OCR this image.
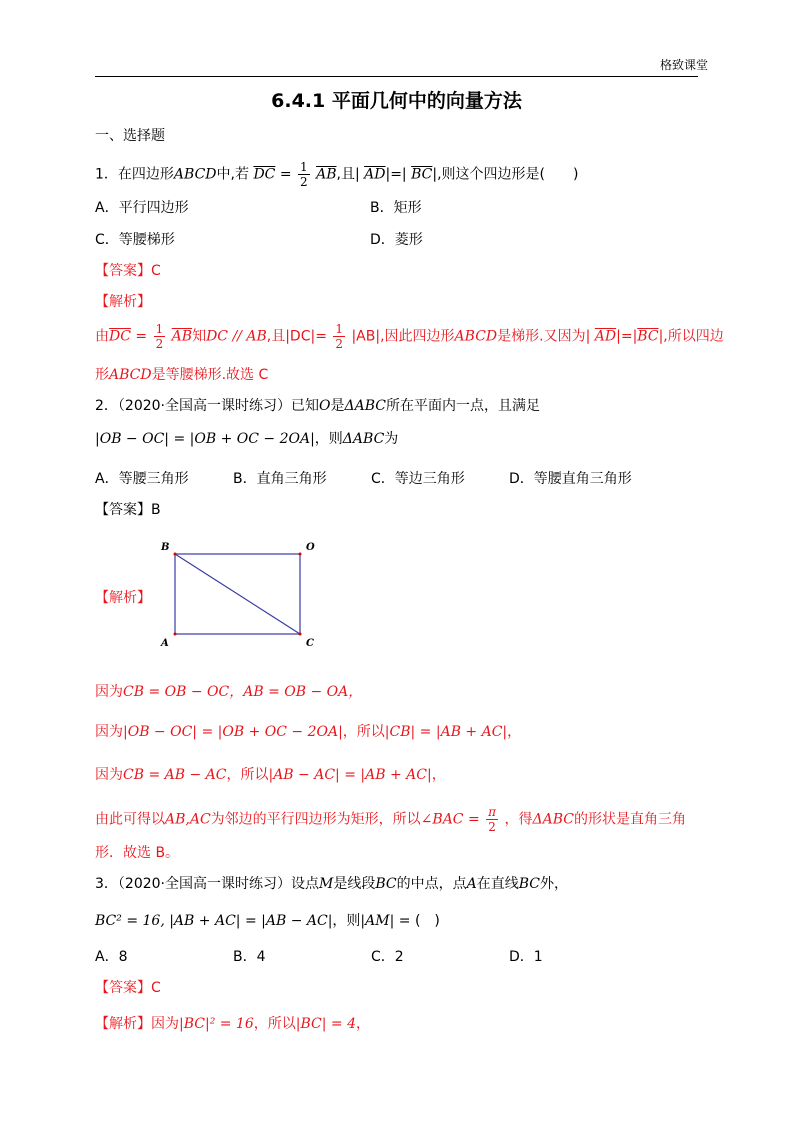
格致课堂
6.4.1 平面几何中的向量方法
一、选择题
1．在四边形ABCD中,若 $\overline{DC} = \frac{1}{2} \overline{AB}$,且| $\overline{AD}|=|$ $\overline{BC}|$,则这个四边形是(　　)
A．平行四边形	B．矩形
C．等腰梯形	D．菱形
【答案】C
【解析】
由$\overline{DC} = \frac{1}{2} \overline{AB}$知DC // AB,且$|DC|= \frac{1}{2} |AB|$,因此四边形ABCD是梯形.又因为| $\overline{AD}|=|\overline{BC}|$,所以四边
形ABCD是等腰梯形.故选 C
2．（2020·全国高一课时练习）已知O是ΔABC所在平面内一点，且满足
|OB − OC| = |OB + OC − 2OA|，则ΔABC为
A．等腰三角形	B．直角三角形	C．等边三角形	D．等腰直角三角形
【答案】B
【解析】
B	O
A	C
因为CB = OB − OC，AB = OB − OA，
因为|OB − OC| = |OB + OC − 2OA|，所以|CB| = |AB + AC|，
因为CB = AB − AC，所以|AB − AC| = |AB + AC|，
由此可得以AB,AC为邻边的平行四边形为矩形，所以∠BAC = $\frac{\pi}{2}$ ，得ΔABC的形状是直角三角
形．故选 B。
3．（2020·全国高一课时练习）设点M是线段BC的中点，点A在直线BC外，
BC² = 16, |AB + AC| = |AB − AC|，则|AM| = (　)
A．8	B．4	C．2	D．1
【答案】C
【解析】因为|BC|² = 16，所以|BC| = 4，
